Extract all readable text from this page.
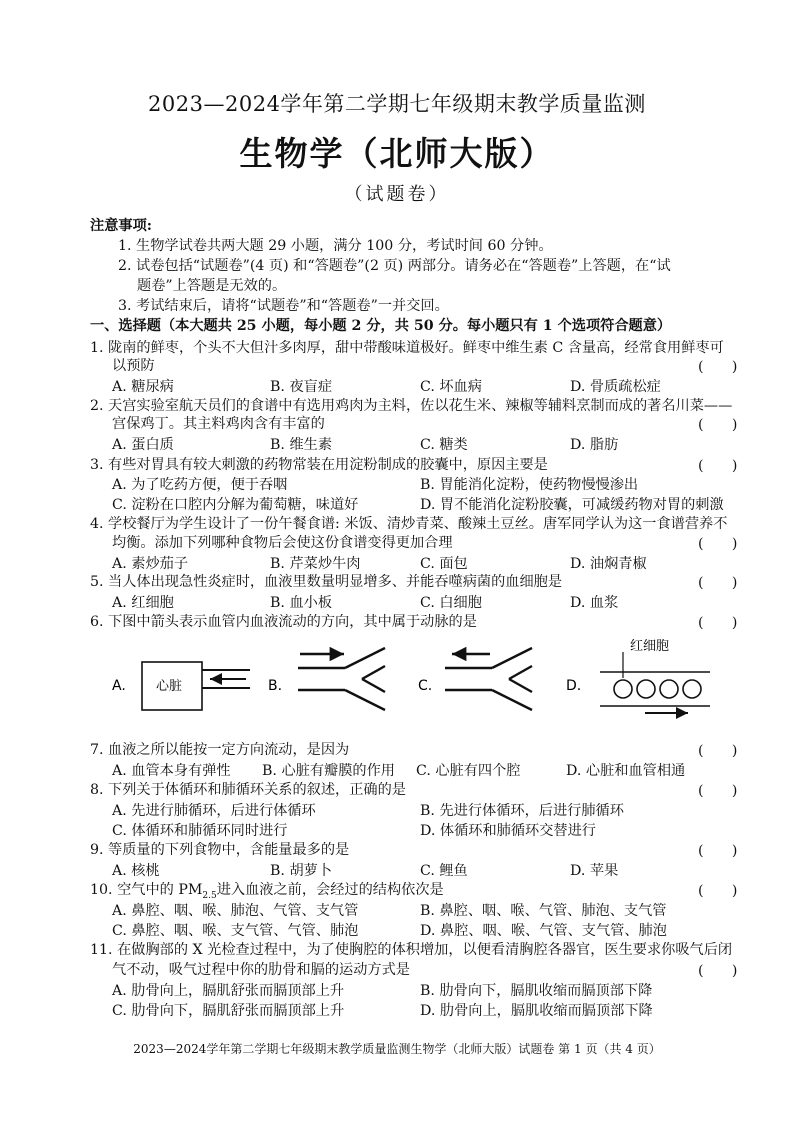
2023—2024学年第二学期七年级期末教学质量监测
生物学（北师大版）
（试题卷）
注意事项:
1. 生物学试卷共两大题 29 小题，满分 100 分，考试时间 60 分钟。
2. 试卷包括“试题卷”(4 页) 和“答题卷”(2 页) 两部分。请务必在“答题卷”上答题，在“试
题卷”上答题是无效的。
3. 考试结束后，请将“试题卷”和“答题卷”一并交回。
一、选择题（本大题共 25 小题，每小题 2 分，共 50 分。每小题只有 1 个选项符合题意）
1. 陇南的鲜枣，个头不大但汁多肉厚，甜中带酸味道极好。鲜枣中维生素 C 含量高，经常食用鲜枣可
以预防	(　　)
A. 糖尿病	B. 夜盲症	C. 坏血病	D. 骨质疏松症
2. 天宫实验室航天员们的食谱中有选用鸡肉为主料，佐以花生米、辣椒等辅料烹制而成的著名川菜——
宫保鸡丁。其主料鸡肉含有丰富的	(　　)
A. 蛋白质	B. 维生素	C. 糖类	D. 脂肪
3. 有些对胃具有较大刺激的药物常装在用淀粉制成的胶囊中，原因主要是	(　　)
A. 为了吃药方便，便于吞咽	B. 胃能消化淀粉，使药物慢慢渗出
C. 淀粉在口腔内分解为葡萄糖，味道好	D. 胃不能消化淀粉胶囊，可减缓药物对胃的刺激
4. 学校餐厅为学生设计了一份午餐食谱: 米饭、清炒青菜、酸辣土豆丝。唐军同学认为这一食谱营养不
均衡。添加下列哪种食物后会使这份食谱变得更加合理	(　　)
A. 素炒茄子	B. 芹菜炒牛肉	C. 面包	D. 油焖青椒
5. 当人体出现急性炎症时，血液里数量明显增多、并能吞噬病菌的血细胞是	(　　)
A. 红细胞	B. 血小板	C. 白细胞	D. 血浆
6. 下图中箭头表示血管内血液流动的方向，其中属于动脉的是	(　　)
A. 心脏	B.	C.	D.
红细胞
7. 血液之所以能按一定方向流动，是因为	(　　)
A. 血管本身有弹性 B. 心脏有瓣膜的作用 C. 心脏有四个腔	D. 心脏和血管相通
8. 下列关于体循环和肺循环关系的叙述，正确的是	(　　)
A. 先进行肺循环，后进行体循环	B. 先进行体循环，后进行肺循环
C. 体循环和肺循环同时进行	D. 体循环和肺循环交替进行
9. 等质量的下列食物中，含能量最多的是	(　　)
A. 核桃	B. 胡萝卜	C. 鲤鱼	D. 苹果
10. 空气中的 $PM_{2.5}$进入血液之前，会经过的结构依次是	(　　)
A. 鼻腔、咽、喉、肺泡、气管、支气管	B. 鼻腔、咽、喉、气管、肺泡、支气管
C. 鼻腔、咽、喉、支气管、气管、肺泡	D. 鼻腔、咽、喉、气管、支气管、肺泡
11. 在做胸部的 X 光检查过程中，为了使胸腔的体积增加，以便看清胸腔各器官，医生要求你吸气后闭
气不动，吸气过程中你的肋骨和膈的运动方式是	(　　)
A. 肋骨向上，膈肌舒张而膈顶部上升	B. 肋骨向下，膈肌收缩而膈顶部下降
C. 肋骨向下，膈肌舒张而膈顶部上升	D. 肋骨向上，膈肌收缩而膈顶部下降
2023—2024学年第二学期七年级期末教学质量监测生物学（北师大版）试题卷 第 1 页（共 4 页）
